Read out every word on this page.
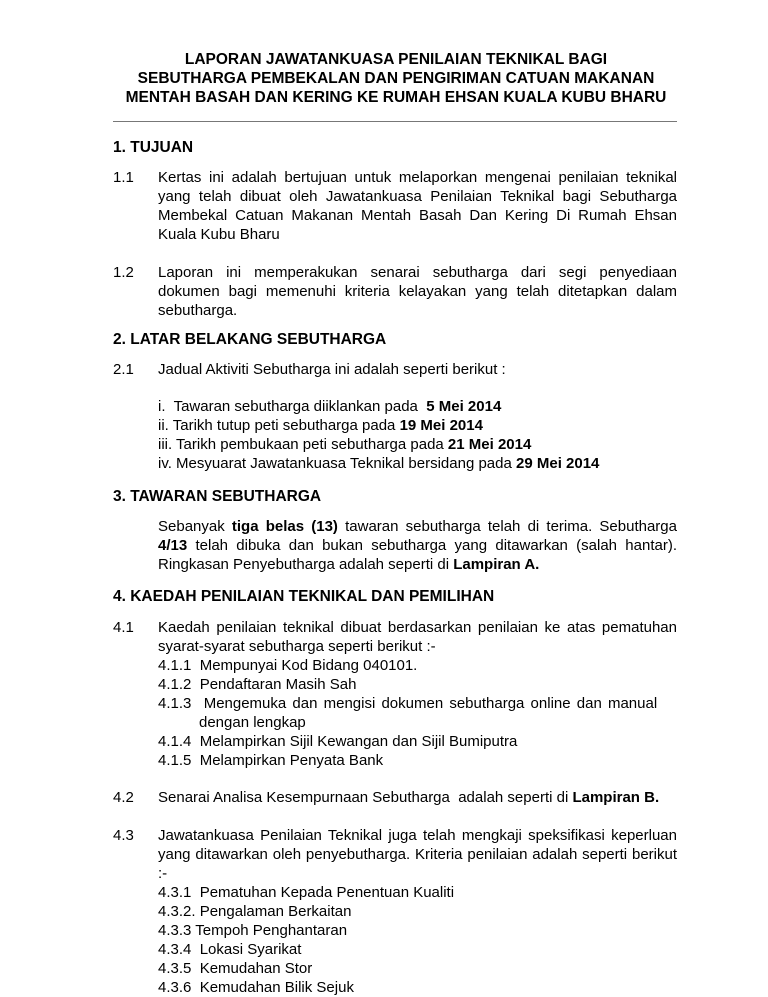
LAPORAN JAWATANKUASA PENILAIAN TEKNIKAL BAGI
SEBUTHARGA PEMBEKALAN DAN PENGIRIMAN CATUAN MAKANAN
MENTAH BASAH DAN KERING KE RUMAH EHSAN KUALA KUBU BHARU
1. TUJUAN
1.1	Kertas ini adalah bertujuan untuk melaporkan mengenai penilaian teknikal yang telah dibuat oleh Jawatankuasa Penilaian Teknikal bagi Sebutharga Membekal Catuan Makanan Mentah Basah Dan Kering Di Rumah Ehsan Kuala Kubu Bharu
1.2	Laporan ini memperakukan senarai sebutharga dari segi penyediaan dokumen bagi memenuhi kriteria kelayakan yang telah ditetapkan dalam sebutharga.
2. LATAR BELAKANG SEBUTHARGA
2.1	Jadual Aktiviti Sebutharga ini adalah seperti berikut :
i.  Tawaran sebutharga diiklankan pada  5 Mei 2014
ii. Tarikh tutup peti sebutharga pada 19 Mei 2014
iii. Tarikh pembukaan peti sebutharga pada 21 Mei 2014
iv. Mesyuarat Jawatankuasa Teknikal bersidang pada 29 Mei 2014
3. TAWARAN SEBUTHARGA
Sebanyak tiga belas (13) tawaran sebutharga telah di terima. Sebutharga 4/13 telah dibuka dan bukan sebutharga yang ditawarkan (salah hantar). Ringkasan Penyebutharga adalah seperti di Lampiran A.
4. KAEDAH PENILAIAN TEKNIKAL DAN PEMILIHAN
4.1	Kaedah penilaian teknikal dibuat berdasarkan penilaian ke atas pematuhan syarat-syarat sebutharga seperti berikut :-
4.1.1  Mempunyai Kod Bidang 040101.
4.1.2  Pendaftaran Masih Sah
4.1.3  Mengemuka dan mengisi dokumen sebutharga online dan manual
dengan lengkap
4.1.4  Melampirkan Sijil Kewangan dan Sijil Bumiputra
4.1.5  Melampirkan Penyata Bank
4.2	Senarai Analisa Kesempurnaan Sebutharga  adalah seperti di Lampiran B.
4.3	Jawatankuasa Penilaian Teknikal juga telah mengkaji speksifikasi keperluan yang ditawarkan oleh penyebutharga. Kriteria penilaian adalah seperti berikut :-
4.3.1  Pematuhan Kepada Penentuan Kualiti
4.3.2. Pengalaman Berkaitan
4.3.3 Tempoh Penghantaran
4.3.4  Lokasi Syarikat
4.3.5  Kemudahan Stor
4.3.6  Kemudahan Bilik Sejuk
